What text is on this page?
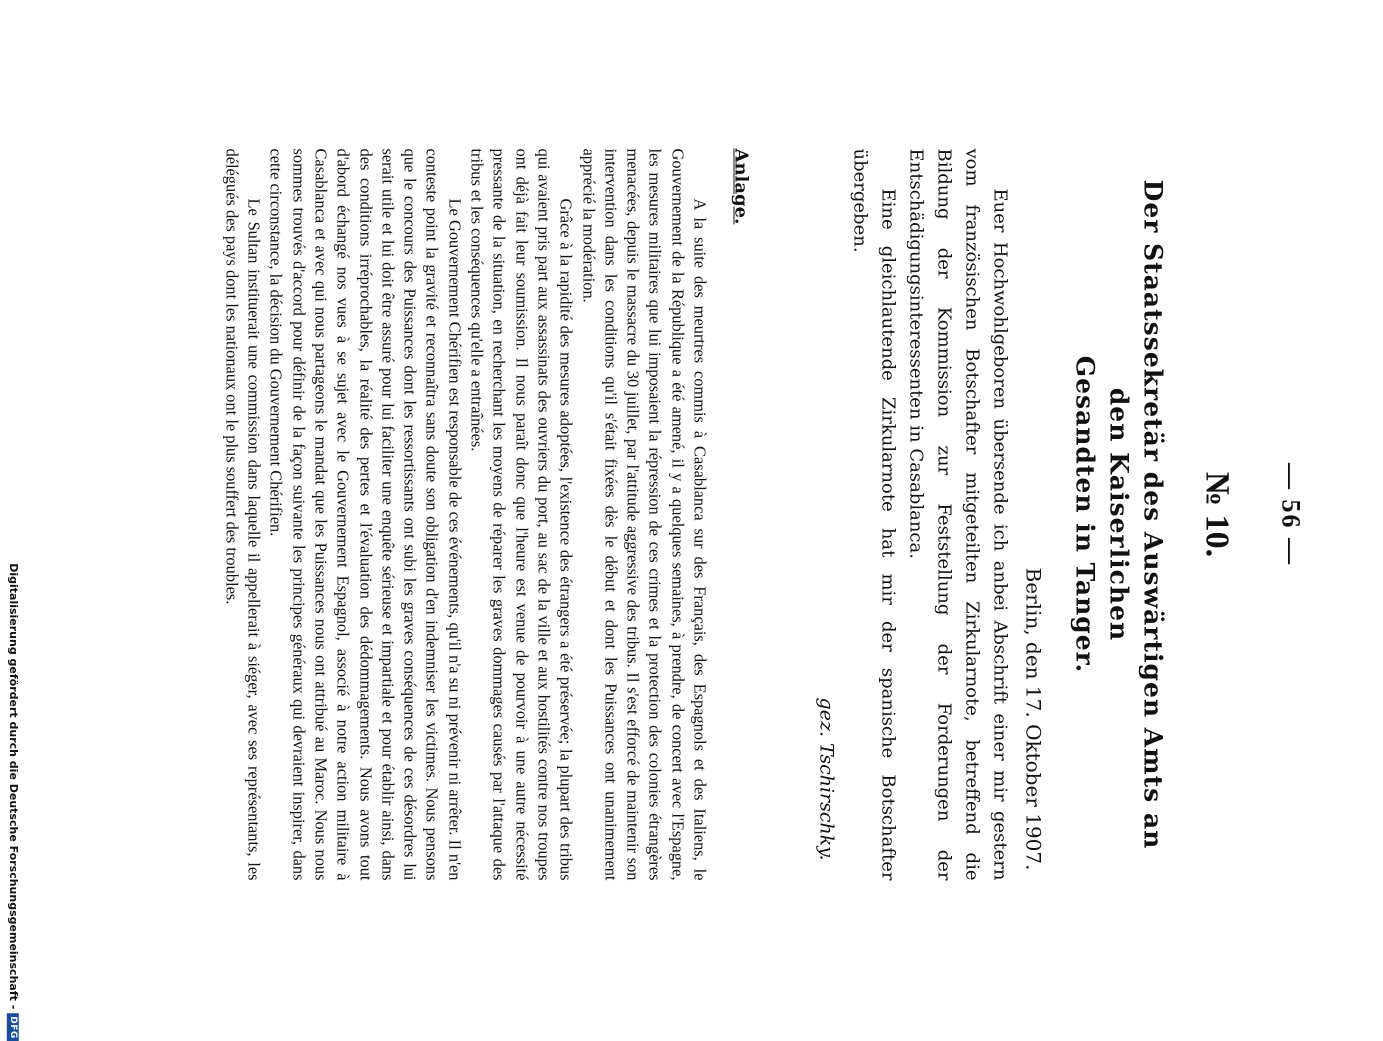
— 56 —
№ 10.
Der Staatssekretär des Auswärtigen Amts an den Kaiserlichen
Gesandten in Tanger.
Berlin, den 17. Oktober 1907.

Euer Hochwohlgeboren übersende ich anbei Abschrift einer mir gestern vom französischen Botschafter mitgeteilten Zirkularnote, betreffend die Bildung der Kommission zur Feststellung der Forderungen der Entschädigungsinteressenten in Casablanca.

Eine gleichlautende Zirkularnote hat mir der spanische Botschafter übergeben.

gez. Tschirschky.
Anlage.

A la suite des meurtres commis à Casablanca sur des Français, des Espagnols et des Italiens, le Gouvernement de la République a été amené, il y a quelques semaines, à prendre, de concert avec l'Espagne, les mesures militaires que lui imposaient la répression de ces crimes et la protection des colonies étrangères menacées, depuis le massacre du 30 juillet, par l'attitude aggressive des tribus. Il s'est efforcé de maintenir son intervention dans les conditions qu'il s'était fixées dès le début et dont les Puissances ont unanimement apprécié la modération.

Grâce à la rapidité des mesures adoptées, l'existence des étrangers a été préservée; la plupart des tribus qui avaient pris part aux assassinats des ouvriers du port, au sac de la ville et aux hostilités contre nos troupes ont déjà fait leur soumission. Il nous paraît donc que l'heure est venue de pourvoir à une autre nécessité pressante de la situation, en recherchant les moyens de réparer les graves dommages causés par l'attaque des tribus et les conséquences qu'elle a entraînées.

Le Gouvernement Chérifien est responsable de ces événements, qu'il n'a su ni prévenir ni arrêter. Il n'en conteste point la gravité et reconnaîtra sans doute son obligation d'en indemniser les victimes. Nous pensons que le concours des Puissances dont les ressortissants ont subi les graves conséquences de ces désordres lui serait utile et lui doit être assuré pour lui faciliter une enquête sérieuse et impartiale et pour établir ainsi, dans des conditions irréprochables, la réalité des pertes et l'évaluation des dédommagements. Nous avons tout d'abord échangé nos vues à se sujet avec le Gouvernement Espagnol, associé à notre action militaire à Casablanca et avec qui nous partageons le mandat que les Puissances nous ont attribué au Maroc. Nous nous sommes trouvés d'accord pour définir de la façon suivante les principes généraux qui devraient inspirer, dans cette circonstance, la décision du Gouvernement Chérifien.

Le Sultan instituerait une commission dans laquelle il appellerait à siéger, avec ses représentants, les délégués des pays dont les nationaux ont le plus souffert des troubles.

Digitalisierung gefördert durch die Deutsche Forschungsgemeinschaft -
DFG
